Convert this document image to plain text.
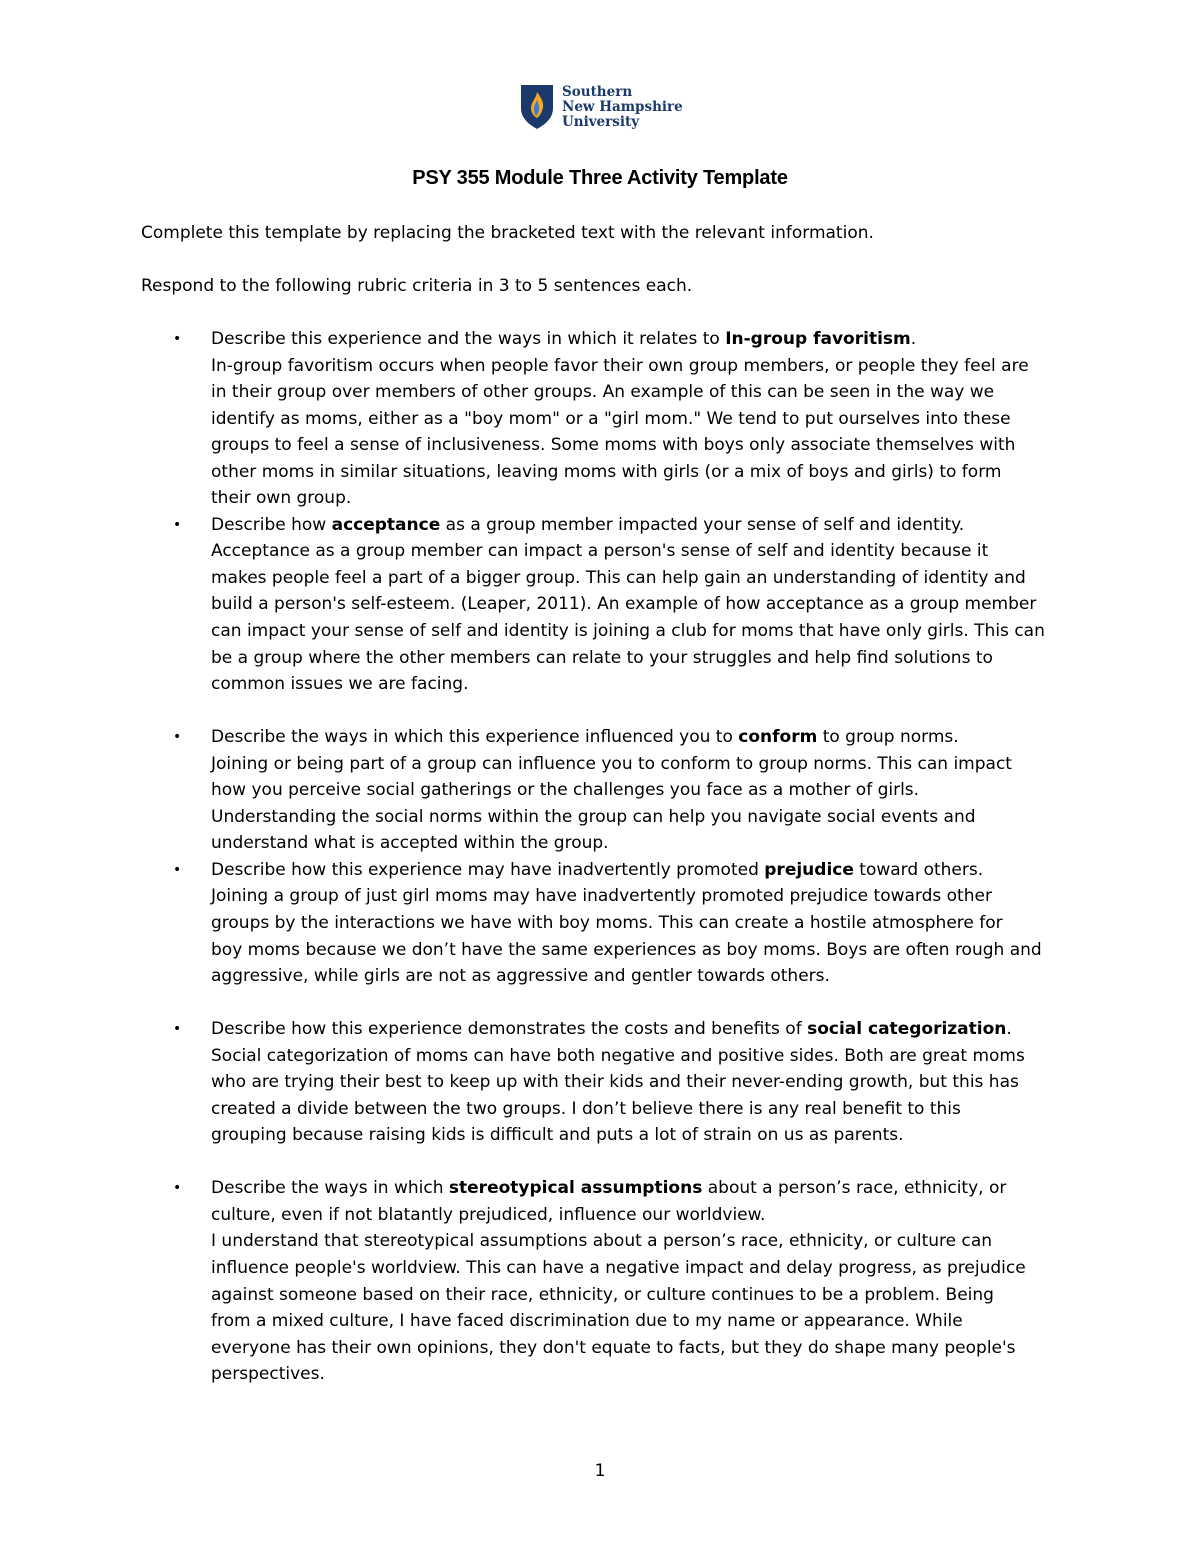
Southern
New Hampshire
University
PSY 355 Module Three Activity Template
Complete this template by replacing the bracketed text with the relevant information.
Respond to the following rubric criteria in 3 to 5 sentences each.
• Describe this experience and the ways in which it relates to In-group favoritism.
In-group favoritism occurs when people favor their own group members, or people they feel are
in their group over members of other groups. An example of this can be seen in the way we
identify as moms, either as a "boy mom" or a "girl mom." We tend to put ourselves into these
groups to feel a sense of inclusiveness. Some moms with boys only associate themselves with
other moms in similar situations, leaving moms with girls (or a mix of boys and girls) to form
their own group.
• Describe how acceptance as a group member impacted your sense of self and identity.
Acceptance as a group member can impact a person's sense of self and identity because it
makes people feel a part of a bigger group. This can help gain an understanding of identity and
build a person's self-esteem. (Leaper, 2011). An example of how acceptance as a group member
can impact your sense of self and identity is joining a club for moms that have only girls. This can
be a group where the other members can relate to your struggles and help find solutions to
common issues we are facing.
• Describe the ways in which this experience influenced you to conform to group norms.
Joining or being part of a group can influence you to conform to group norms. This can impact
how you perceive social gatherings or the challenges you face as a mother of girls.
Understanding the social norms within the group can help you navigate social events and
understand what is accepted within the group.
• Describe how this experience may have inadvertently promoted prejudice toward others.
Joining a group of just girl moms may have inadvertently promoted prejudice towards other
groups by the interactions we have with boy moms. This can create a hostile atmosphere for
boy moms because we don’t have the same experiences as boy moms. Boys are often rough and
aggressive, while girls are not as aggressive and gentler towards others.
• Describe how this experience demonstrates the costs and benefits of social categorization.
Social categorization of moms can have both negative and positive sides. Both are great moms
who are trying their best to keep up with their kids and their never-ending growth, but this has
created a divide between the two groups. I don’t believe there is any real benefit to this
grouping because raising kids is difficult and puts a lot of strain on us as parents.
• Describe the ways in which stereotypical assumptions about a person’s race, ethnicity, or
culture, even if not blatantly prejudiced, influence our worldview.
I understand that stereotypical assumptions about a person’s race, ethnicity, or culture can
influence people's worldview. This can have a negative impact and delay progress, as prejudice
against someone based on their race, ethnicity, or culture continues to be a problem. Being
from a mixed culture, I have faced discrimination due to my name or appearance. While
everyone has their own opinions, they don't equate to facts, but they do shape many people's
perspectives.
1
